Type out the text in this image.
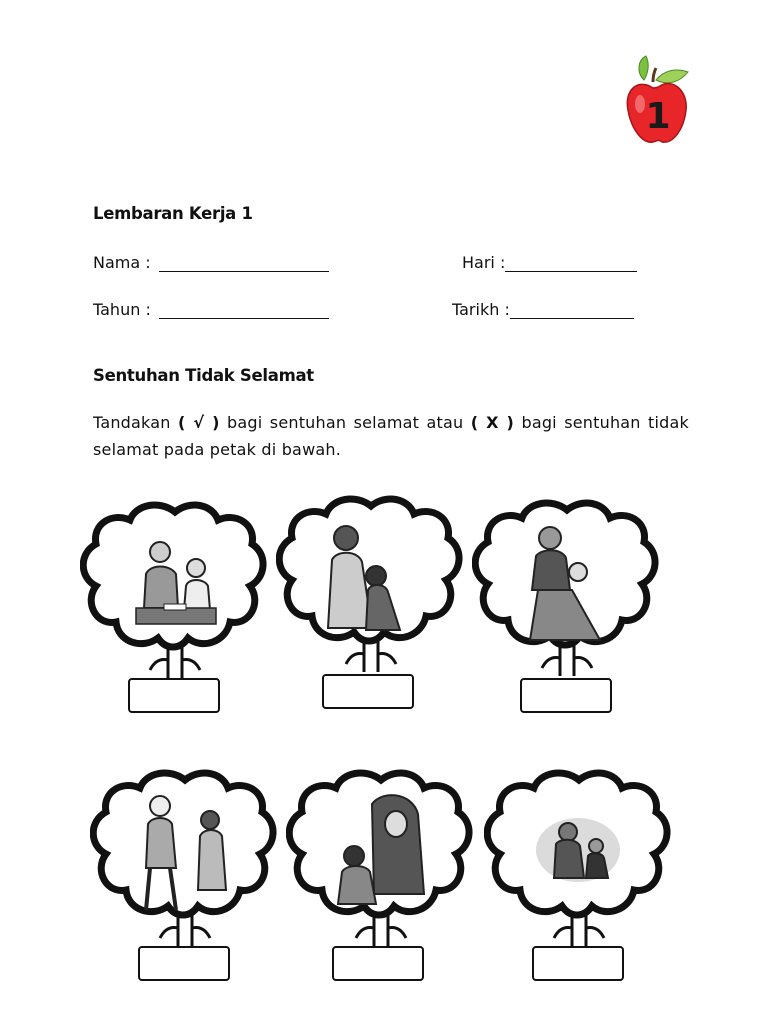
1
Lembaran Kerja 1
Nama :	Hari :
Tahun :	Tarikh :
Sentuhan Tidak Selamat
Tandakan ( √ ) bagi sentuhan selamat atau ( X ) bagi sentuhan tidak selamat pada petak di bawah.
